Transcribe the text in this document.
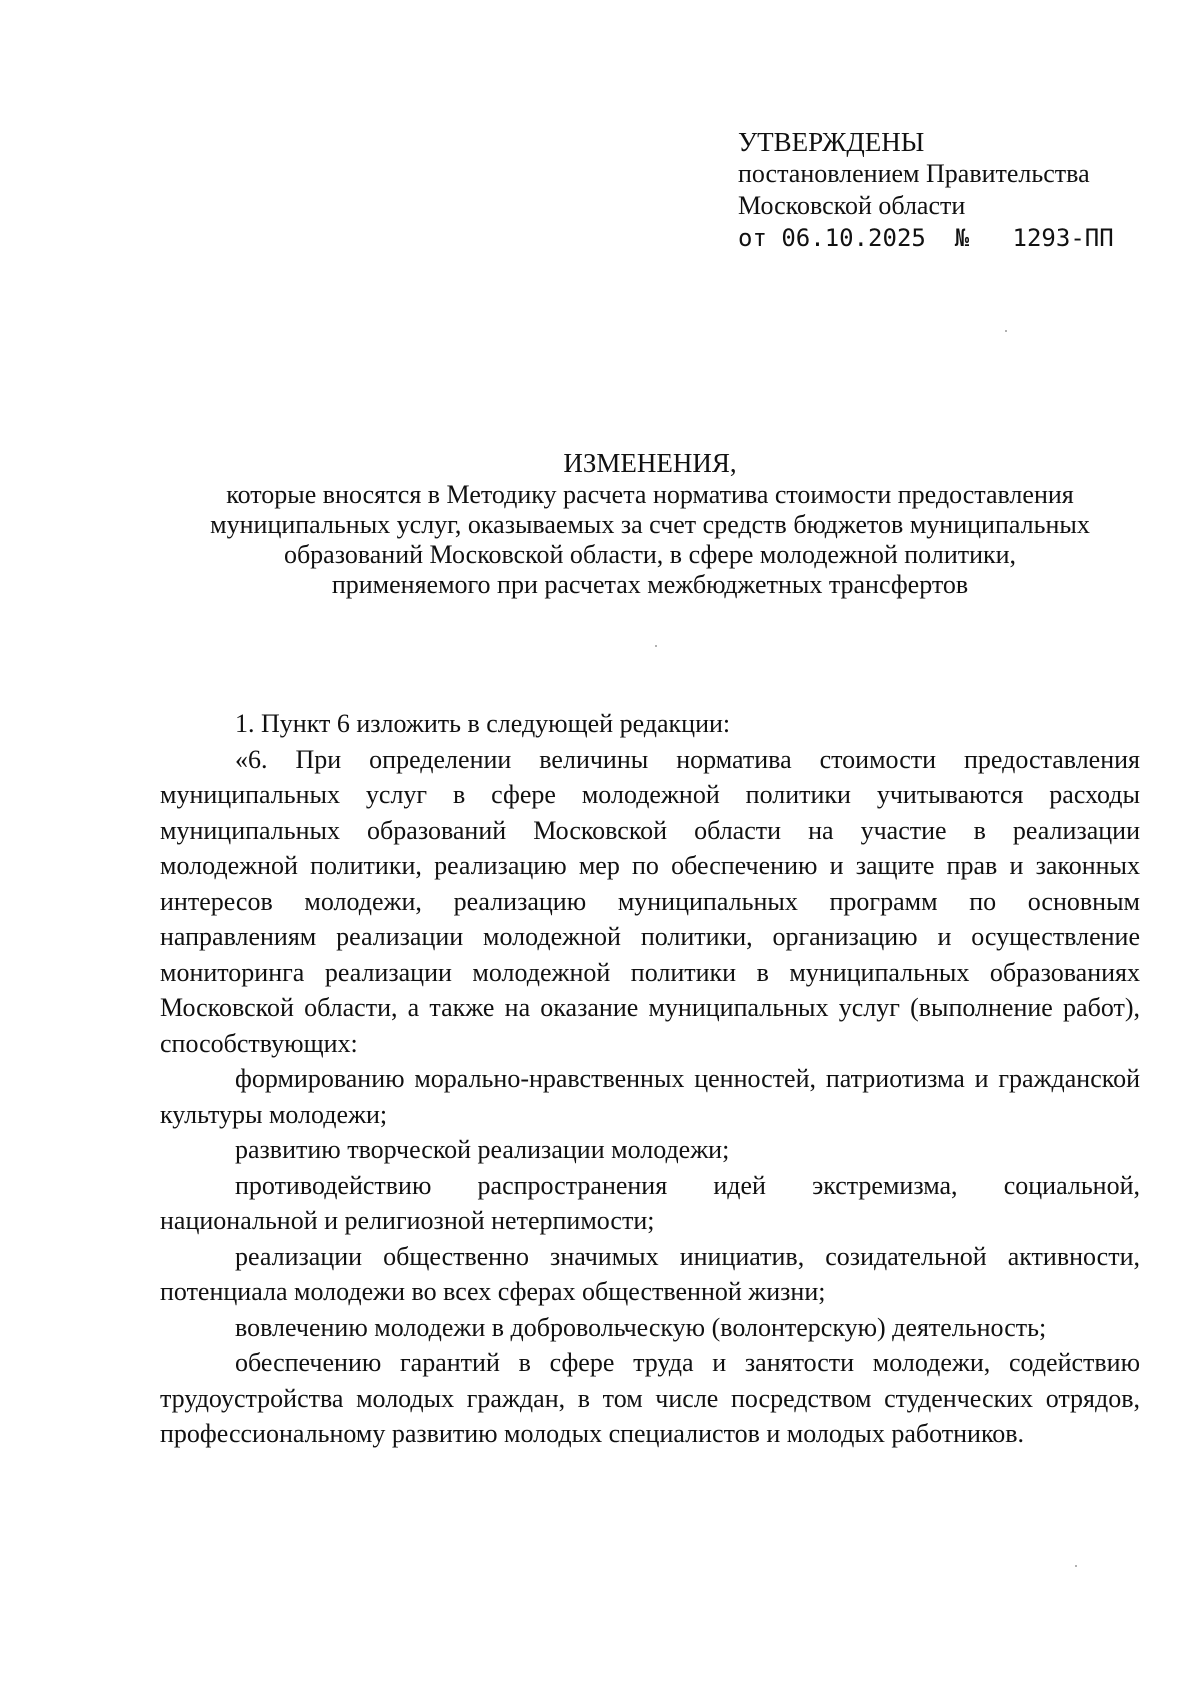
УТВЕРЖДЕНЫ
постановлением Правительства
Московской области
от 06.10.2025  №   1293-ПП
ИЗМЕНЕНИЯ,
которые вносятся в Методику расчета норматива стоимости предоставления
муниципальных услуг, оказываемых за счет средств бюджетов муниципальных
образований Московской области, в сфере молодежной политики,
применяемого при расчетах межбюджетных трансфертов

1. Пункт 6 изложить в следующей редакции:

«6. При определении величины норматива стоимости предоставления муниципальных услуг в сфере молодежной политики учитываются расходы муниципальных образований Московской области на участие в реализации молодежной политики, реализацию мер по обеспечению и защите прав и законных интересов молодежи, реализацию муниципальных программ по основным направлениям реализации молодежной политики, организацию и осуществление мониторинга реализации молодежной политики в муниципальных образованиях Московской области, а также на оказание муниципальных услуг (выполнение работ), способствующих:

формированию морально-нравственных ценностей, патриотизма и гражданской культуры молодежи;

развитию творческой реализации молодежи;

противодействию распространения идей экстремизма, социальной, национальной и религиозной нетерпимости;

реализации общественно значимых инициатив, созидательной активности, потенциала молодежи во всех сферах общественной жизни;

вовлечению молодежи в добровольческую (волонтерскую) деятельность;

обеспечению гарантий в сфере труда и занятости молодежи, содействию трудоустройства молодых граждан, в том числе посредством студенческих отрядов, профессиональному развитию молодых специалистов и молодых работников.
